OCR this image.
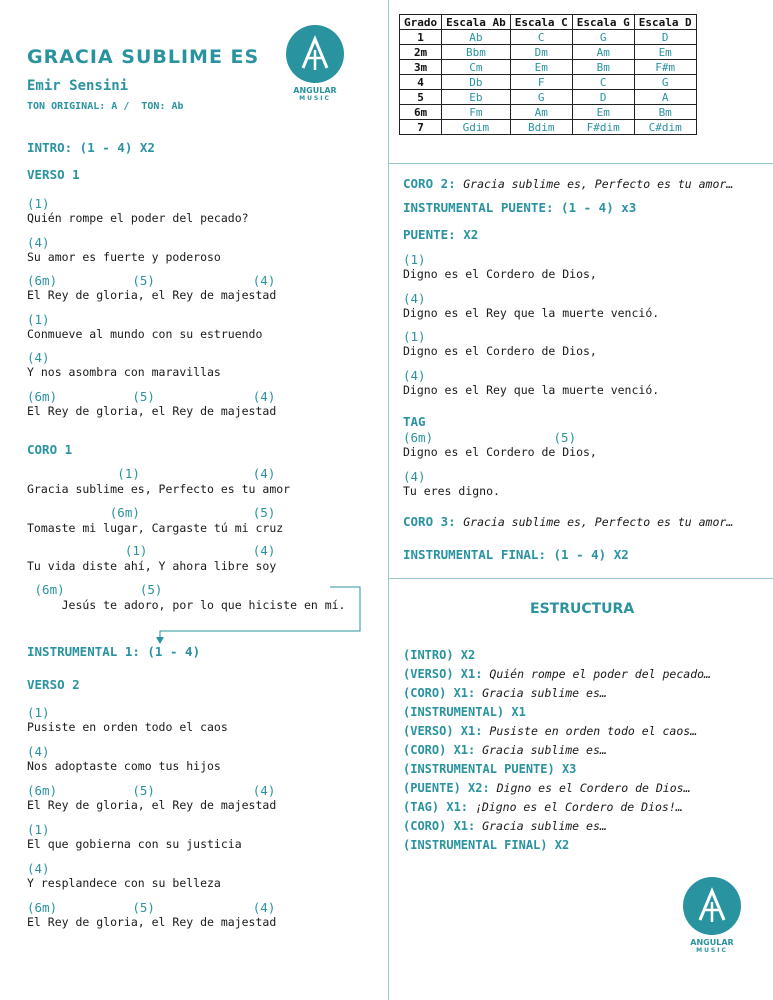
GRACIA SUBLIME ES
Emir Sensini
TON ORIGINAL: A /  TON: Ab
ANGULAR
MUSIC
Grado	Escala Ab	Escala C	Escala G	Escala D
1	Ab	C	G	D
2m	Bbm	Dm	Am	Em
3m	Cm	Em	Bm	F#m
4	Db	F	C	G
5	Eb	G	D	A
6m	Fm	Am	Em	Bm
7	Gdim	Bdim	F#dim	C#dim
INTRO: (1 - 4) X2
VERSO 1
(1)
Quién rompe el poder del pecado?
(4)
Su amor es fuerte y poderoso
(6m)          (5)             (4)
El Rey de gloria, el Rey de majestad
(1)
Conmueve al mundo con su estruendo
(4)
Y nos asombra con maravillas
(6m)          (5)             (4)
El Rey de gloria, el Rey de majestad
CORO 1
(1)               (4)
Gracia sublime es, Perfecto es tu amor
(6m)               (5)
Tomaste mi lugar, Cargaste tú mi cruz
(1)              (4)
Tu vida diste ahí, Y ahora libre soy
(6m)          (5)
Jesús te adoro, por lo que hiciste en mí.
INSTRUMENTAL 1: (1 - 4)
VERSO 2
(1)
Pusiste en orden todo el caos
(4)
Nos adoptaste como tus hijos
(6m)          (5)             (4)
El Rey de gloria, el Rey de majestad
(1)
El que gobierna con su justicia
(4)
Y resplandece con su belleza
(6m)          (5)             (4)
El Rey de gloria, el Rey de majestad
CORO 2: Gracia sublime es, Perfecto es tu amor…
INSTRUMENTAL PUENTE: (1 - 4) x3
PUENTE: X2
(1)
Digno es el Cordero de Dios,
(4)
Digno es el Rey que la muerte venció.
(1)
Digno es el Cordero de Dios,
(4)
Digno es el Rey que la muerte venció.
TAG
(6m)                (5)
Digno es el Cordero de Dios,
(4)
Tu eres digno.
CORO 3: Gracia sublime es, Perfecto es tu amor…
INSTRUMENTAL FINAL: (1 - 4) X2
ESTRUCTURA
(INTRO) X2
(VERSO) X1: Quién rompe el poder del pecado…
(CORO) X1: Gracia sublime es…
(INSTRUMENTAL) X1
(VERSO) X1: Pusiste en orden todo el caos…
(CORO) X1: Gracia sublime es…
(INSTRUMENTAL PUENTE) X3
(PUENTE) X2: Digno es el Cordero de Dios…
(TAG) X1: ¡Digno es el Cordero de Dios!…
(CORO) X1: Gracia sublime es…
(INSTRUMENTAL FINAL) X2
ANGULAR
MUSIC
